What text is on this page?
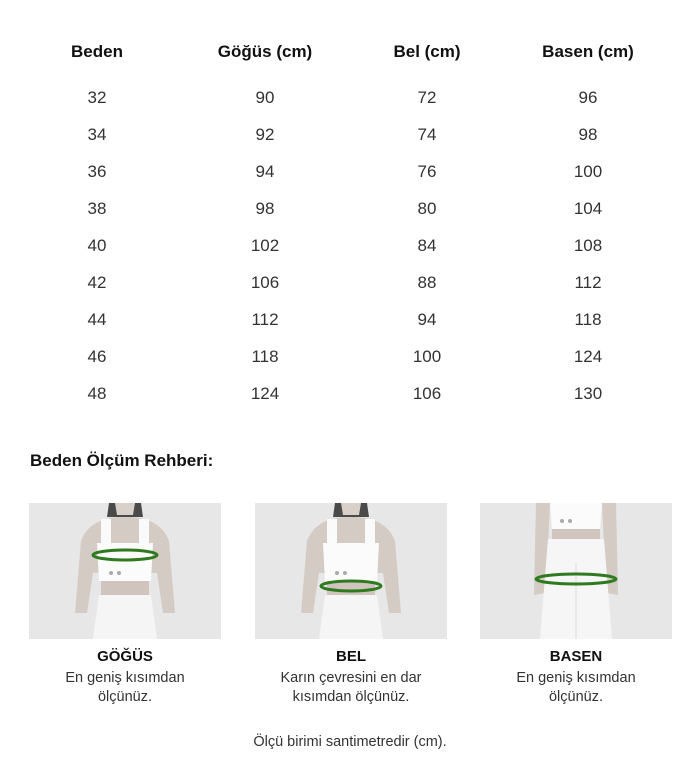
Beden	Göğüs (cm)	Bel (cm)	Basen (cm)
32	90	72	96
34	92	74	98
36	94	76	100
38	98	80	104
40	102	84	108
42	106	88	112
44	112	94	118
46	118	100	124
48	124	106	130
Beden Ölçüm Rehberi:
GÖĞÜS
En geniş kısımdan
ölçünüz.
BEL
Karın çevresini en dar
kısımdan ölçünüz.
BASEN
En geniş kısımdan
ölçünüz.
Ölçü birimi santimetredir (cm).
